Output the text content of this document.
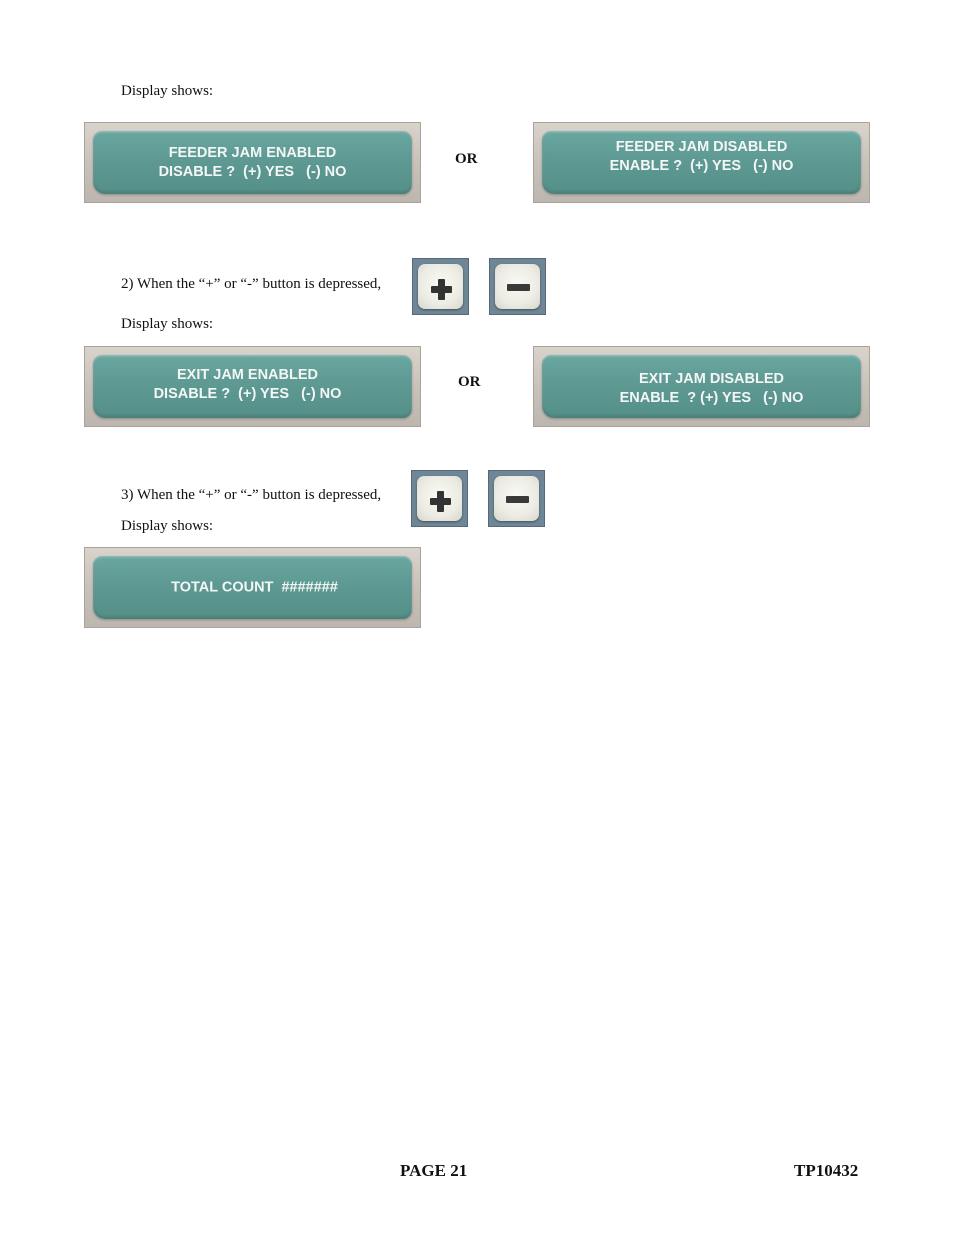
Display shows:
FEEDER JAM ENABLED
DISABLE ?  (+) YES   (-) NO
OR
FEEDER JAM DISABLED
ENABLE ?  (+) YES   (-) NO
2) When the “+” or “-” button is depressed,
Display shows:
EXIT JAM ENABLED
DISABLE ?  (+) YES   (-) NO
OR	EXIT JAM DISABLED
ENABLE  ? (+) YES   (-) NO
3) When the “+” or “-” button is depressed,
Display shows:
TOTAL COUNT  #######
PAGE 21	TP10432
